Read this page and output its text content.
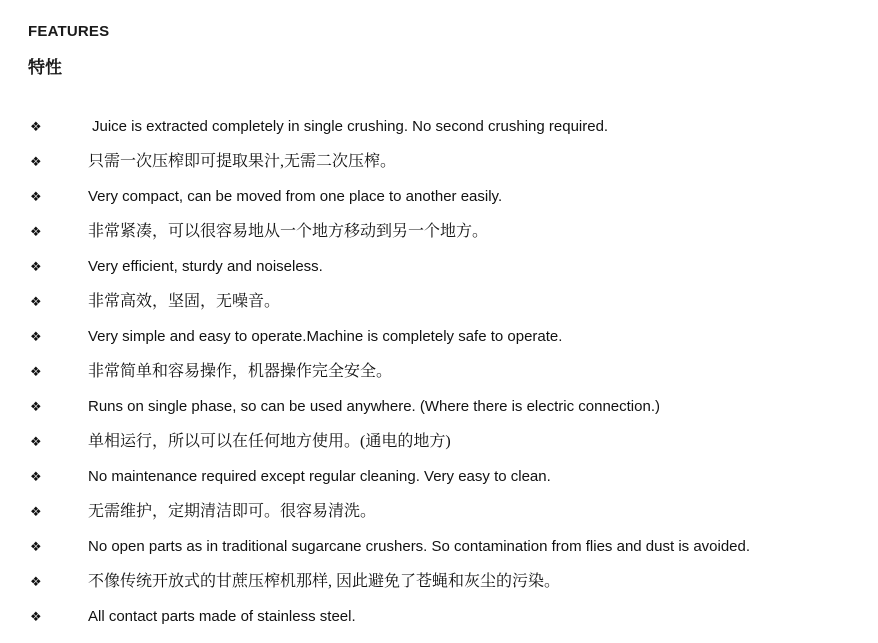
FEATURES
特性
❖	Juice is extracted completely in single crushing. No second crushing required.
❖	只需一次压榨即可提取果汁,无需二次压榨。
❖	Very compact, can be moved from one place to another easily.
❖	非常紧凑，可以很容易地从一个地方移动到另一个地方。
❖	Very efficient, sturdy and noiseless.
❖	非常高效，坚固，无噪音。
❖	Very simple and easy to operate.Machine is completely safe to operate.
❖	非常简单和容易操作，机器操作完全安全。
❖	Runs on single phase, so can be used anywhere. (Where there is electric connection.)
❖	单相运行，所以可以在任何地方使用。(通电的地方)
❖	No maintenance required except regular cleaning. Very easy to clean.
❖	无需维护，定期清洁即可。很容易清洗。
❖	No open parts as in traditional sugarcane crushers. So contamination from flies and dust is avoided.
❖	不像传统开放式的甘蔗压榨机那样, 因此避免了苍蝇和灰尘的污染。
❖	All contact parts made of stainless steel.
